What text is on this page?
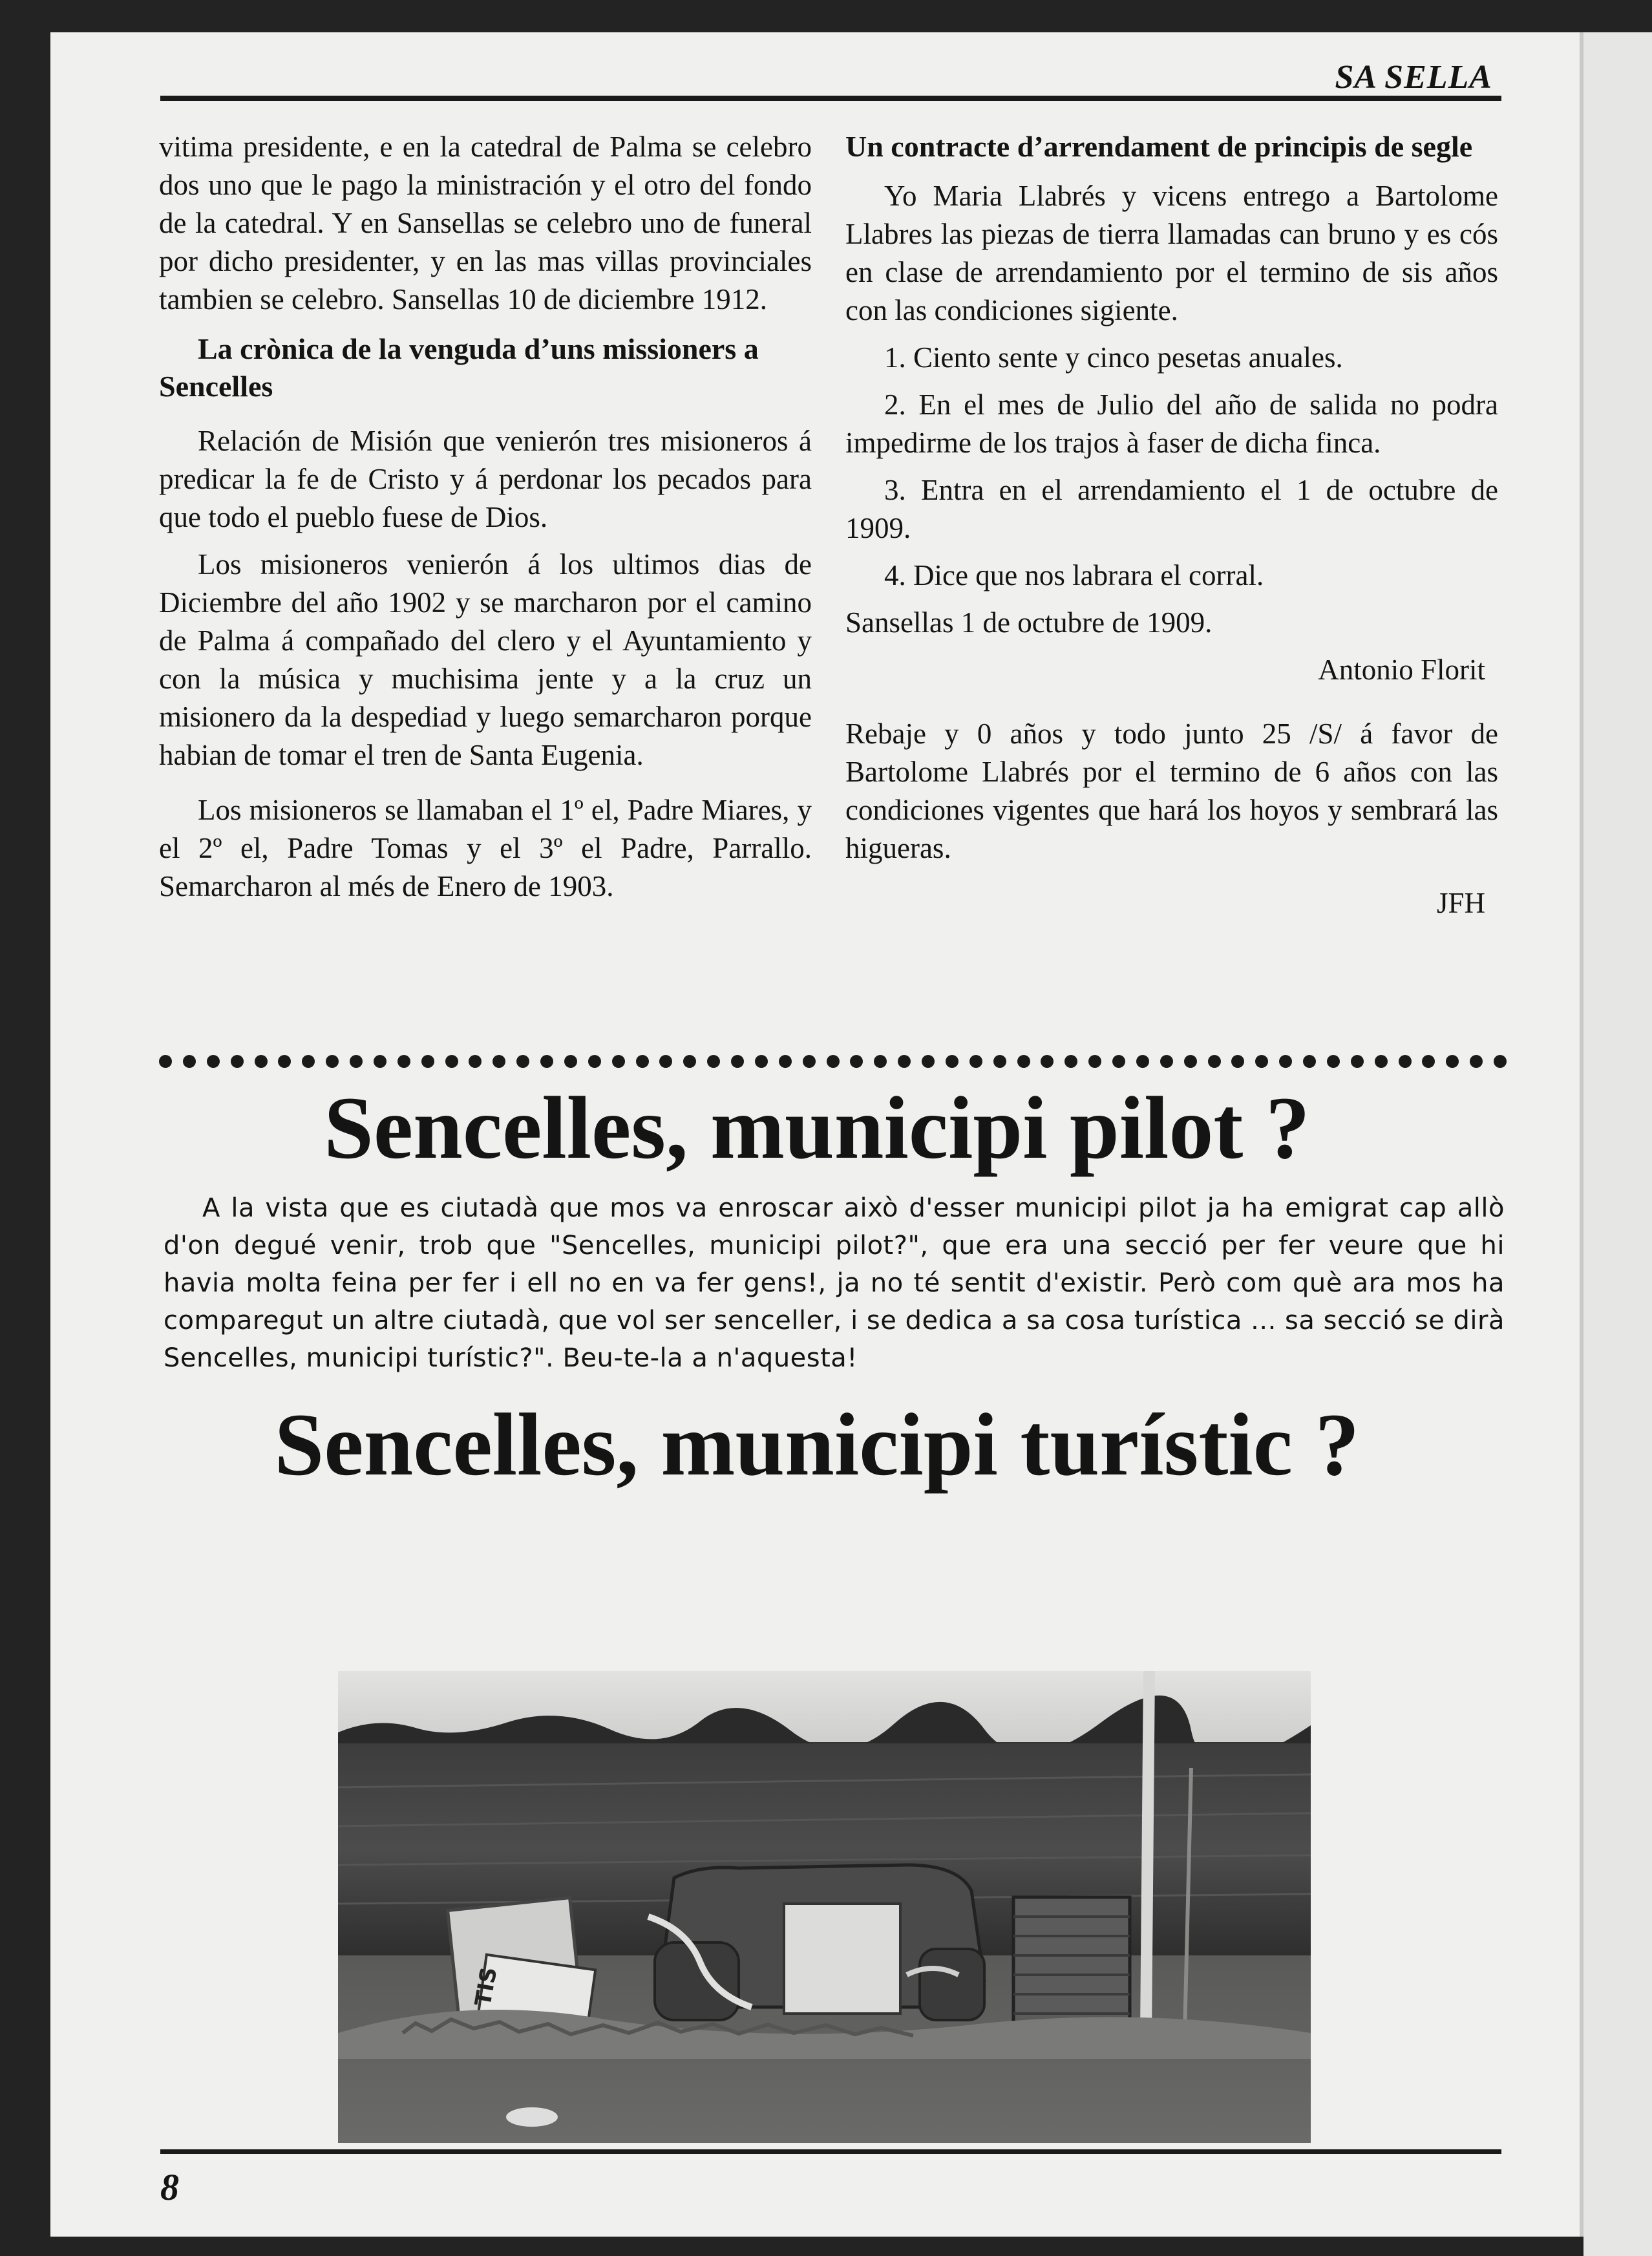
SA SELLA

vitima presidente, e en la catedral de Palma se celebro dos uno que le pago la ministración y el otro del fondo de la catedral. Y en Sansellas se celebro uno de funeral por dicho presidenter, y en las mas villas provinciales tambien se celebro. Sansellas 10 de diciembre 1912.

La crònica de la venguda d’uns missioners a Sencelles

Relación de Misión que venierón tres misioneros á predicar la fe de Cristo y á perdonar los pecados para que todo el pueblo fuese de Dios.

Los misioneros venierón á los ultimos dias de Diciembre del año 1902 y se marcharon por el camino de Palma á compañado del clero y el Ayuntamiento y con la música y muchisima jente y a la cruz un misionero da la despediad y luego semarcharon porque habian de tomar el tren de Santa Eugenia.

Los misioneros se llamaban el 1º el, Padre Miares, y el 2º el, Padre Tomas y el 3º el Padre, Parrallo. Semarcharon al més de Enero de 1903.

Un contracte d’arrendament de principis de segle

Yo Maria Llabrés y vicens entrego a Bartolome Llabres las piezas de tierra llamadas can bruno y es cós en clase de arrendamiento por el termino de sis años con las condiciones sigiente.

1. Ciento sente y cinco pesetas anuales.

2. En el mes de Julio del año de salida no podra impedirme de los trajos à faser de dicha finca.

3. Entra en el arrendamiento el 1 de octubre de 1909.

4. Dice que nos labrara el corral.

Sansellas 1 de octubre de 1909.

Antonio Florit

Rebaje y 0 años y todo junto 25 /S/ á favor de Bartolome Llabrés por el termino de 6 años con las condiciones vigentes que hará los hoyos y sembrará las higueras.

JFH

Sencelles, municipi pilot ?

A la vista que es ciutadà que mos va enroscar això d'esser municipi pilot ja ha emigrat cap allò d'on degué venir, trob que "Sencelles, municipi pilot?", que era una secció per fer veure que hi havia molta feina per fer i ell no en va fer gens!, ja no té sentit d'existir. Però com què ara mos ha comparegut un altre ciutadà, que vol ser senceller, i se dedica a sa cosa turística ... sa secció se dirà Sencelles, municipi turístic?". Beu-te-la a n'aquesta!

Sencelles, municipi turístic ?
TIS
8
